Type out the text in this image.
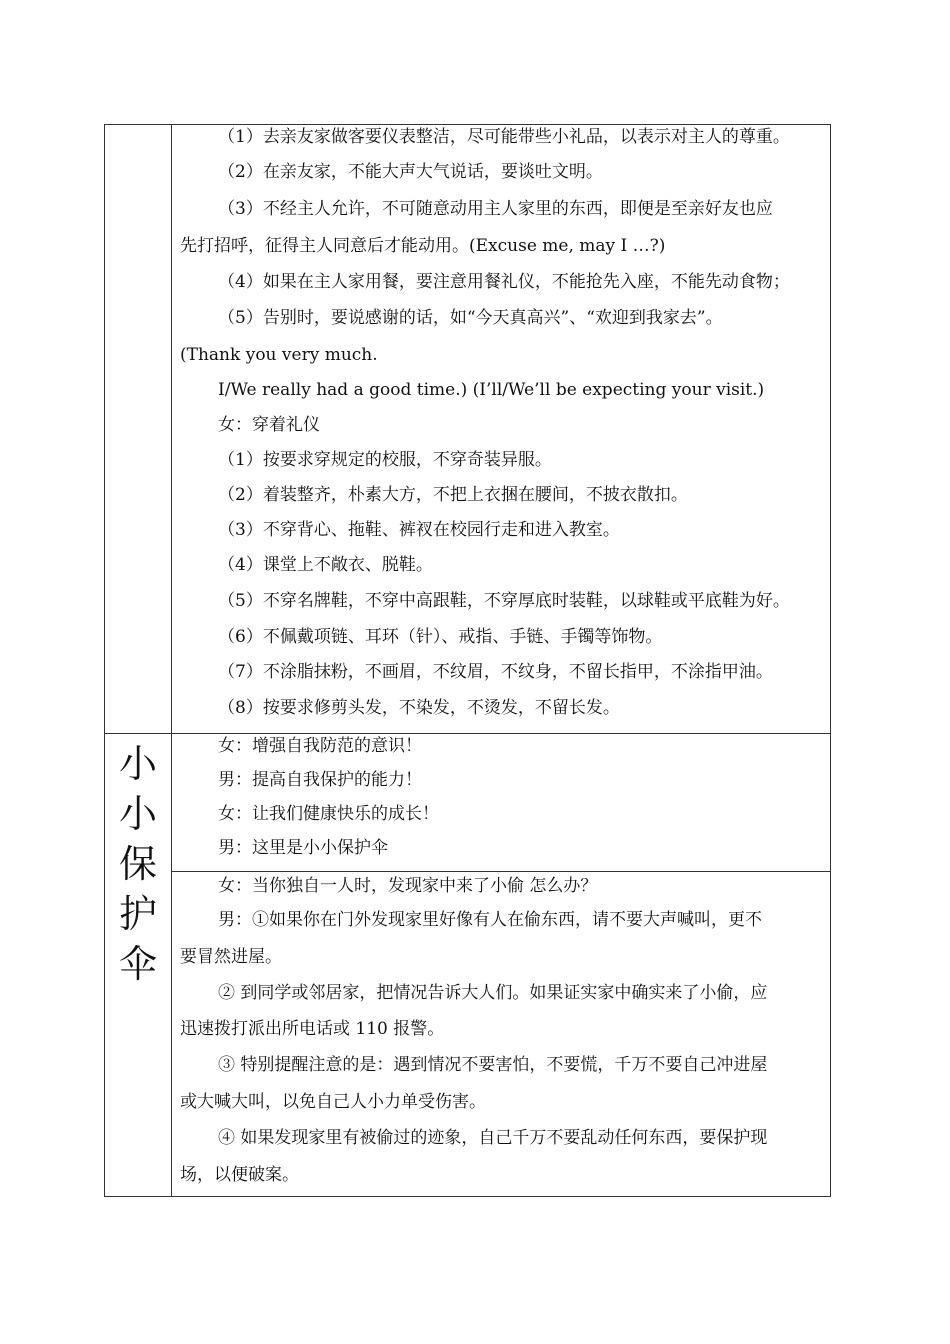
小
小
保
护
伞
（1）去亲友家做客要仪表整洁，尽可能带些小礼品，以表示对主人的尊重。
（2）在亲友家，不能大声大气说话，要谈吐文明。
（3）不经主人允许，不可随意动用主人家里的东西，即便是至亲好友也应
先打招呼，征得主人同意后才能动用。(Excuse me, may I …?)
（4）如果在主人家用餐，要注意用餐礼仪，不能抢先入座，不能先动食物；
（5）告别时，要说感谢的话，如“今天真高兴”、“欢迎到我家去”。
(Thank you very much.
I/We really had a good time.) (I’ll/We’ll be expecting your visit.)
女：穿着礼仪
（1）按要求穿规定的校服，不穿奇装异服。
（2）着装整齐，朴素大方，不把上衣捆在腰间，不披衣散扣。
（3）不穿背心、拖鞋、裤衩在校园行走和进入教室。
（4）课堂上不敞衣、脱鞋。
（5）不穿名牌鞋，不穿中高跟鞋，不穿厚底时装鞋，以球鞋或平底鞋为好。
（6）不佩戴项链、耳环（针）、戒指、手链、手镯等饰物。
（7）不涂脂抹粉，不画眉，不纹眉，不纹身，不留长指甲，不涂指甲油。
（8）按要求修剪头发，不染发，不烫发，不留长发。
女：增强自我防范的意识！
男：提高自我保护的能力！
女：让我们健康快乐的成长！
男：这里是小小保护伞
女：当你独自一人时，发现家中来了小偷 怎么办？
男：①如果你在门外发现家里好像有人在偷东西，请不要大声喊叫，更不
要冒然进屋。
② 到同学或邻居家，把情况告诉大人们。如果证实家中确实来了小偷，应
迅速拨打派出所电话或 110 报警。
③ 特别提醒注意的是：遇到情况不要害怕，不要慌，千万不要自己冲进屋
或大喊大叫，以免自己人小力单受伤害。
④ 如果发现家里有被偷过的迹象，自己千万不要乱动任何东西，要保护现
场，以便破案。
